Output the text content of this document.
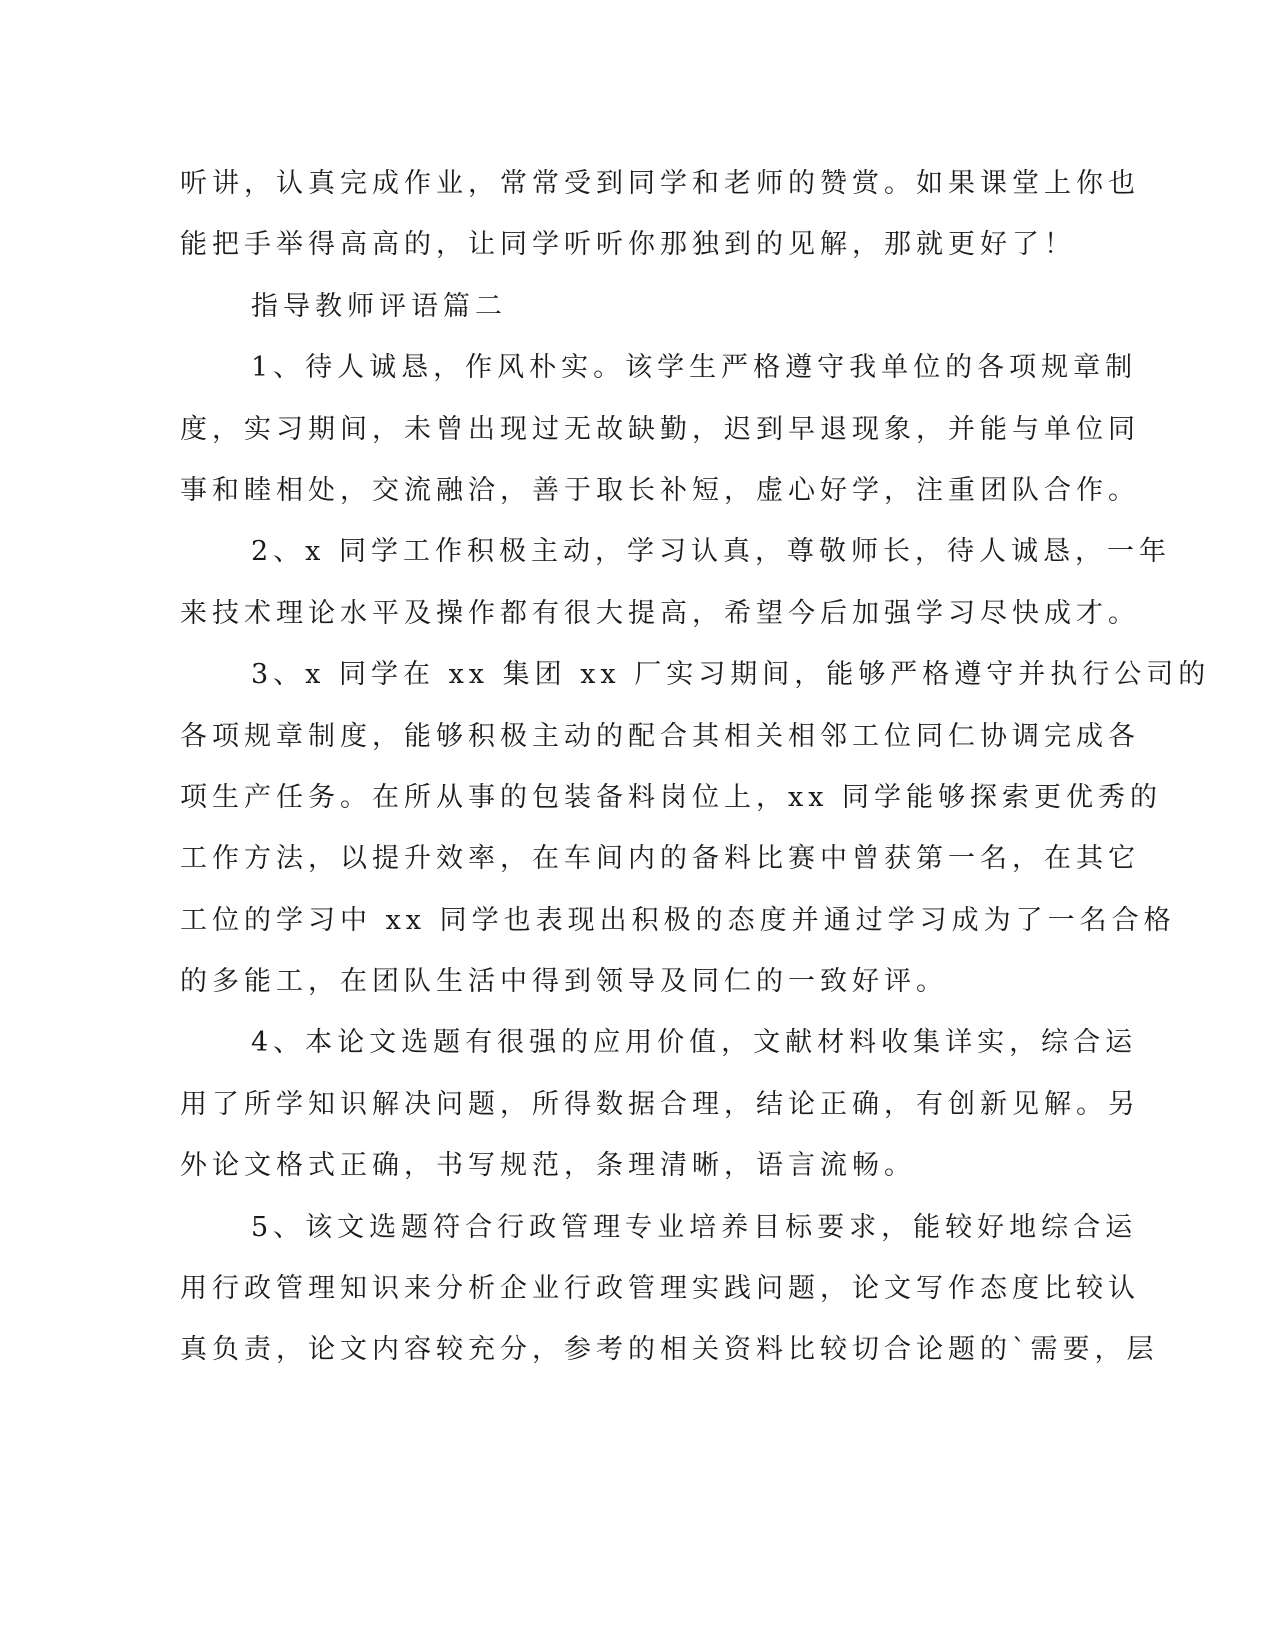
听讲，认真完成作业，常常受到同学和老师的赞赏。如果课堂上你也
能把手举得高高的，让同学听听你那独到的见解，那就更好了！
指导教师评语篇二
1、待人诚恳，作风朴实。该学生严格遵守我单位的各项规章制
度，实习期间，未曾出现过无故缺勤，迟到早退现象，并能与单位同
事和睦相处，交流融洽，善于取长补短，虚心好学，注重团队合作。
2、x 同学工作积极主动，学习认真，尊敬师长，待人诚恳，一年
来技术理论水平及操作都有很大提高，希望今后加强学习尽快成才。
3、x 同学在 xx 集团 xx 厂实习期间，能够严格遵守并执行公司的
各项规章制度，能够积极主动的配合其相关相邻工位同仁协调完成各
项生产任务。在所从事的包装备料岗位上，xx 同学能够探索更优秀的
工作方法，以提升效率，在车间内的备料比赛中曾获第一名，在其它
工位的学习中 xx 同学也表现出积极的态度并通过学习成为了一名合格
的多能工，在团队生活中得到领导及同仁的一致好评。
4、本论文选题有很强的应用价值，文献材料收集详实，综合运
用了所学知识解决问题，所得数据合理，结论正确，有创新见解。另
外论文格式正确，书写规范，条理清晰，语言流畅。
5、该文选题符合行政管理专业培养目标要求，能较好地综合运
用行政管理知识来分析企业行政管理实践问题，论文写作态度比较认
真负责，论文内容较充分，参考的相关资料比较切合论题的`需要，层
